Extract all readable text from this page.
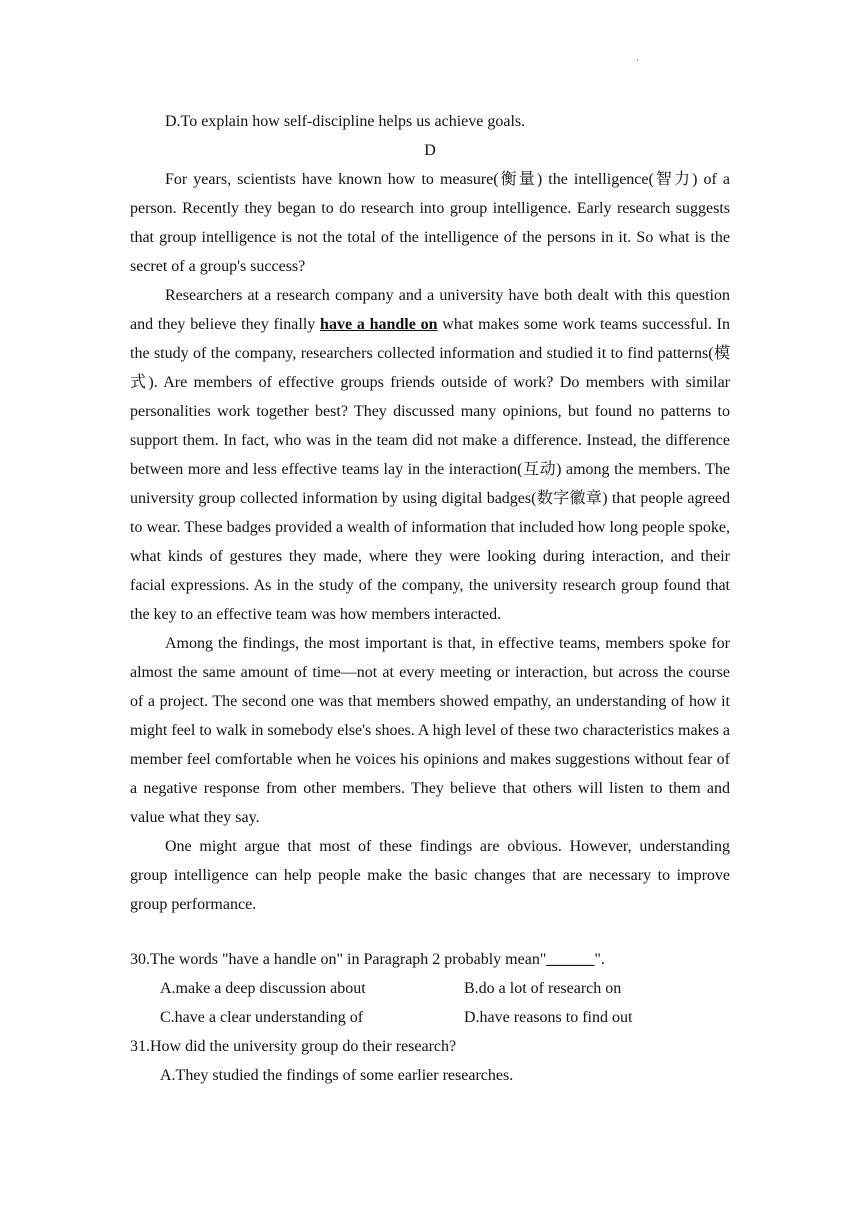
·
D.To explain how self-discipline helps us achieve goals.
D

For years, scientists have known how to measure(衡量) the intelligence(智力) of a person. Recently they began to do research into group intelligence. Early research suggests that group intelligence is not the total of the intelligence of the persons in it. So what is the secret of a group's success?

Researchers at a research company and a university have both dealt with this question and they believe they finally have a handle on what makes some work teams successful. In the study of the company, researchers collected information and studied it to find patterns(模式). Are members of effective groups friends outside of work? Do members with similar personalities work together best? They discussed many opinions, but found no patterns to support them. In fact, who was in the team did not make a difference. Instead, the difference between more and less effective teams lay in the interaction(互动) among the members. The university group collected information by using digital badges(数字徽章) that people agreed to wear. These badges provided a wealth of information that included how long people spoke, what kinds of gestures they made, where they were looking during interaction, and their facial expressions. As in the study of the company, the university research group found that the key to an effective team was how members interacted.

Among the findings, the most important is that, in effective teams, members spoke for almost the same amount of time—not at every meeting or interaction, but across the course of a project. The second one was that members showed empathy, an understanding of how it might feel to walk in somebody else's shoes. A high level of these two characteristics makes a member feel comfortable when he voices his opinions and makes suggestions without fear of a negative response from other members. They believe that others will listen to them and value what they say.

One might argue that most of these findings are obvious. However, understanding group intelligence can help people make the basic changes that are necessary to improve group performance.

30.The words "have a handle on" in Paragraph 2 probably mean"______".
A.make a deep discussion about	B.do a lot of research on
C.have a clear understanding of	D.have reasons to find out
31.How did the university group do their research?
A.They studied the findings of some earlier researches.
